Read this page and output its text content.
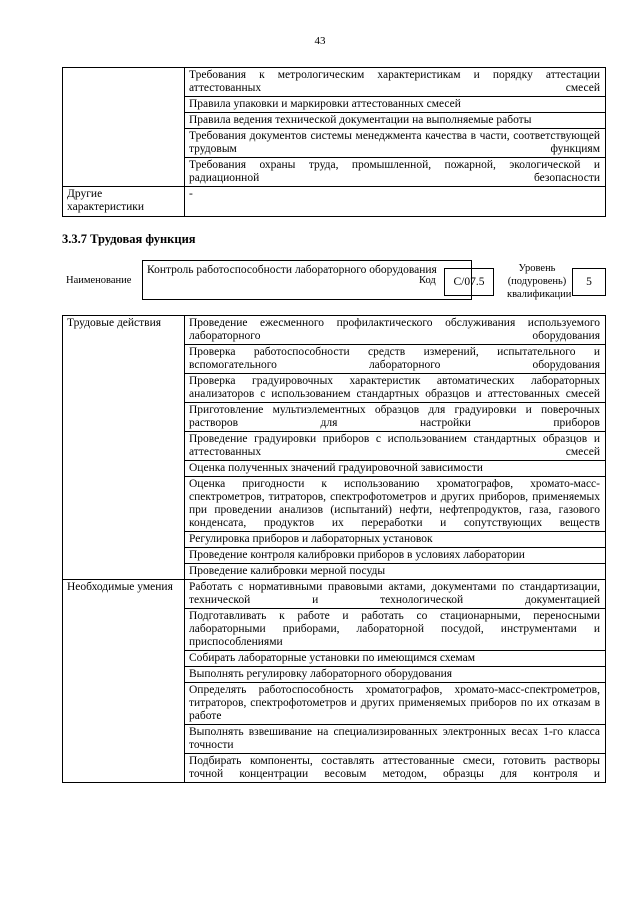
43
	Требования к метрологическим характеристикам и порядку аттестации аттестованных смесей
	Правила упаковки и маркировки аттестованных смесей
	Правила ведения технической документации на выполняемые работы
	Требования документов системы менеджмента качества в части, соответствующей трудовым функциям
	Требования охраны труда, промышленной, пожарной, экологической и радиационной безопасности
Другие характеристики	-
3.3.7 Трудовая функция
Наименование
Контроль работоспособности лабораторного оборудования
Код	С/07.5
Уровень (подуровень) квалификации
5
Трудовые действия	Проведение ежесменного профилактического обслуживания используемого лабораторного оборудования
	Проверка работоспособности средств измерений, испытательного и вспомогательного лабораторного оборудования
	Проверка градуировочных характеристик автоматических лабораторных анализаторов с использованием стандартных образцов и аттестованных смесей
	Приготовление мультиэлементных образцов для градуировки и поверочных растворов для настройки приборов
	Проведение градуировки приборов с использованием стандартных образцов и аттестованных смесей
	Оценка полученных значений градуировочной зависимости
	Оценка пригодности к использованию хроматографов, хромато-масс-спектрометров, титраторов, спектрофотометров и других приборов, применяемых при проведении анализов (испытаний) нефти, нефтепродуктов, газа, газового конденсата, продуктов их переработки и сопутствующих веществ
	Регулировка приборов и лабораторных установок
	Проведение контроля калибровки приборов в условиях лаборатории
	Проведение калибровки мерной посуды
Необходимые умения	Работать с нормативными правовыми актами, документами по стандартизации, технической и технологической документацией
	Подготавливать к работе и работать со стационарными, переносными лабораторными приборами, лабораторной посудой, инструментами и приспособлениями
	Собирать лабораторные установки по имеющимся схемам
	Выполнять регулировку лабораторного оборудования
	Определять работоспособность хроматографов, хромато-масс-спектрометров, титраторов, спектрофотометров и других применяемых приборов по их отказам в работе
	Выполнять взвешивание на специализированных электронных весах 1-го класса точности
	Подбирать компоненты, составлять аттестованные смеси, готовить растворы точной концентрации весовым методом, образцы для контроля и
